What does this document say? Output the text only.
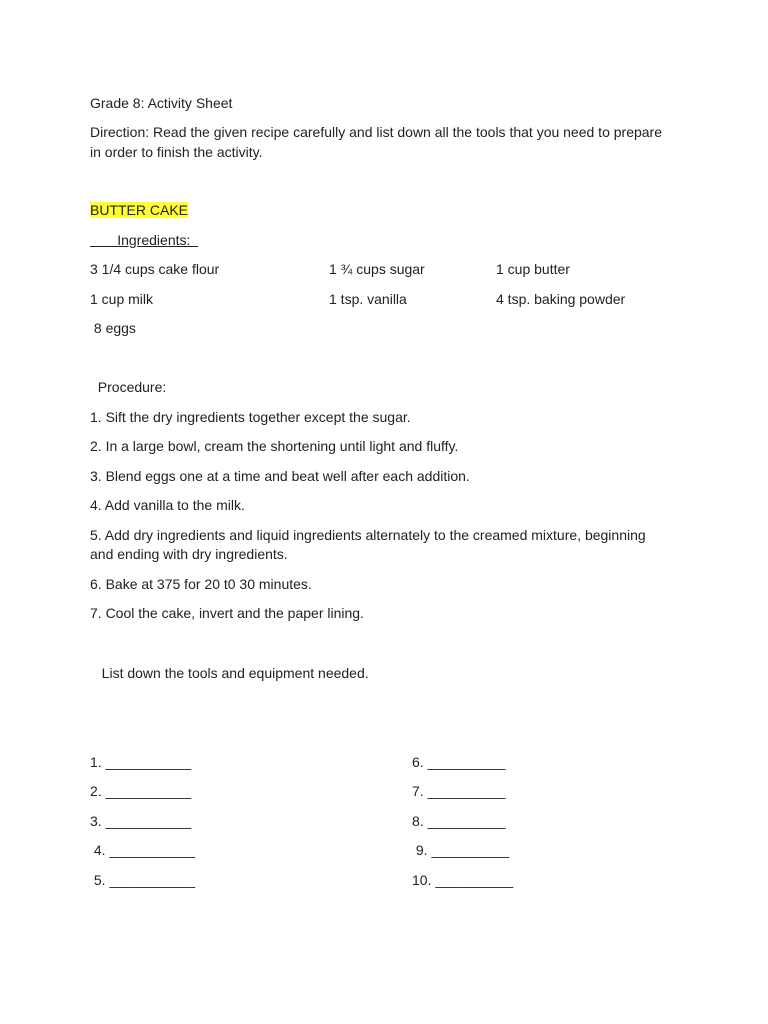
Grade 8: Activity Sheet
Direction: Read the given recipe carefully and list down all the tools that you need to prepare in order to finish the activity.
BUTTER CAKE
Ingredients:
3 1/4 cups cake flour	1 ¾ cups sugar	1 cup butter
1 cup milk	1 tsp. vanilla	4 tsp. baking powder
8 eggs
Procedure:
1. Sift the dry ingredients together except the sugar.
2. In a large bowl, cream the shortening until light and fluffy.
3. Blend eggs one at a time and beat well after each addition.
4. Add vanilla to the milk.
5. Add dry ingredients and liquid ingredients alternately to the creamed mixture, beginning and ending with dry ingredients.
6. Bake at 375 for 20 t0 30 minutes.
7. Cool the cake, invert and the paper lining.
List down the tools and equipment needed.
1. ___________
2. ___________
3. ___________
4. ___________
5. ___________
6. __________
7. __________
8. __________
9. __________
10. __________
